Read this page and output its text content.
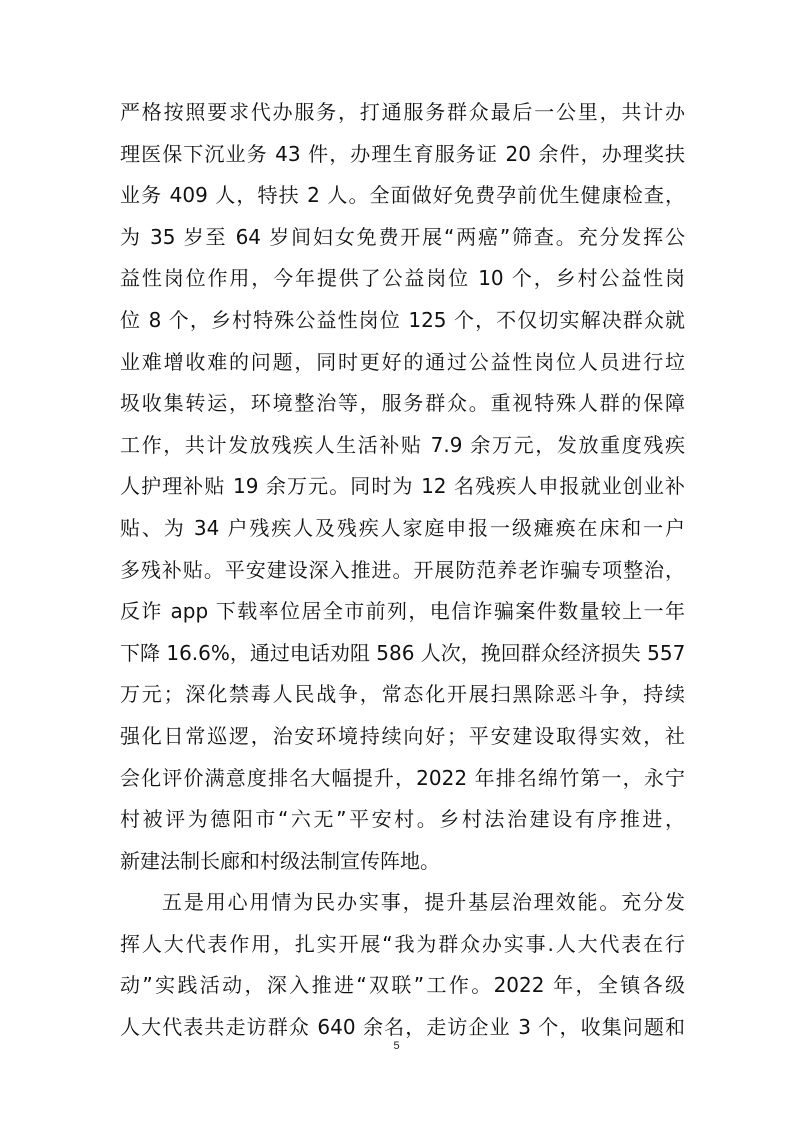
严格按照要求代办服务，打通服务群众最后一公里，共计办
理医保下沉业务 43 件，办理生育服务证 20 余件，办理奖扶
业务 409 人，特扶 2 人。全面做好免费孕前优生健康检查，
为 35 岁至 64 岁间妇女免费开展“两癌”筛查。充分发挥公
益性岗位作用，今年提供了公益岗位 10 个，乡村公益性岗
位 8 个，乡村特殊公益性岗位 125 个，不仅切实解决群众就
业难增收难的问题，同时更好的通过公益性岗位人员进行垃
圾收集转运，环境整治等，服务群众。重视特殊人群的保障
工作，共计发放残疾人生活补贴 7.9 余万元，发放重度残疾
人护理补贴 19 余万元。同时为 12 名残疾人申报就业创业补
贴、为 34 户残疾人及残疾人家庭申报一级瘫痪在床和一户
多残补贴。平安建设深入推进。开展防范养老诈骗专项整治，
反诈 app 下载率位居全市前列，电信诈骗案件数量较上一年
下降 16.6%，通过电话劝阻 586 人次，挽回群众经济损失 557
万元；深化禁毒人民战争，常态化开展扫黑除恶斗争，持续
强化日常巡逻，治安环境持续向好；平安建设取得实效，社
会化评价满意度排名大幅提升，2022 年排名绵竹第一，永宁
村被评为德阳市“六无”平安村。乡村法治建设有序推进，
新建法制长廊和村级法制宣传阵地。
五是用心用情为民办实事，提升基层治理效能。充分发
挥人大代表作用，扎实开展“我为群众办实事.人大代表在行
动”实践活动，深入推进“双联”工作。2022 年，全镇各级
人大代表共走访群众 640 余名，走访企业 3 个，收集问题和
5
